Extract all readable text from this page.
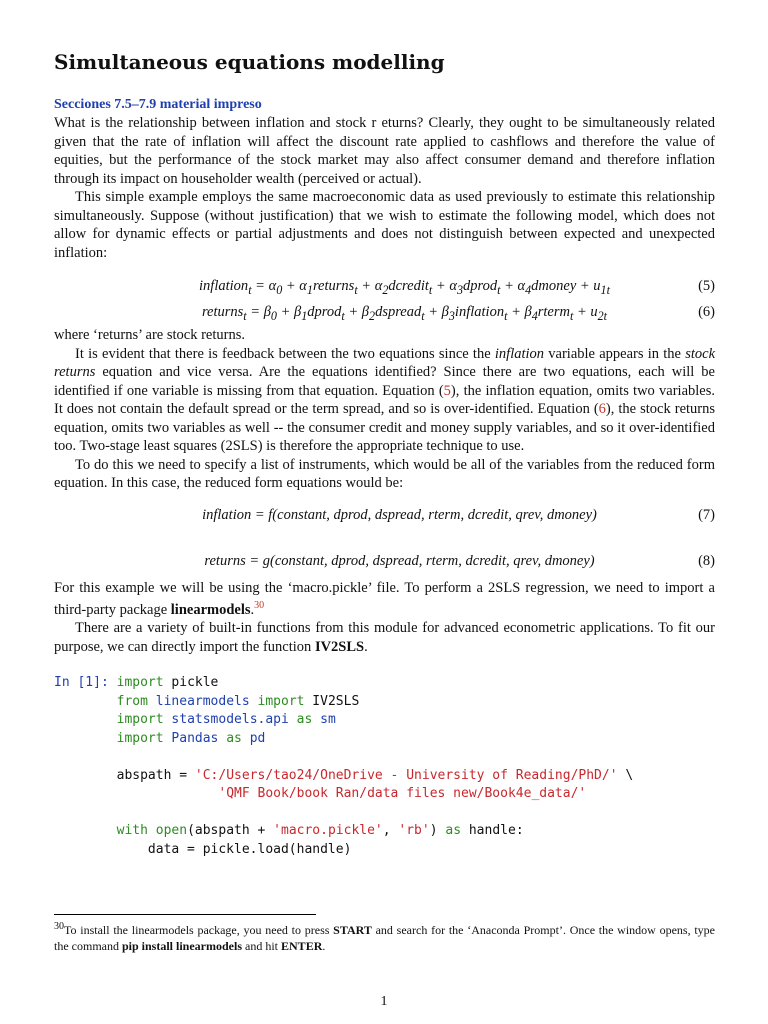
Simultaneous equations modelling
Secciones 7.5–7.9 material impreso

What is the relationship between inflation and stock r eturns? Clearly, they ought to be simultaneously related given that the rate of inflation will affect the discount rate applied to cashflows and therefore the value of equities, but the performance of the stock market may also affect consumer demand and therefore inflation through its impact on householder wealth (perceived or actual).

This simple example employs the same macroeconomic data as used previously to estimate this relationship simultaneously. Suppose (without justification) that we wish to estimate the following model, which does not allow for dynamic effects or partial adjustments and does not distinguish between expected and unexpected inflation:

inflation$_t$ = $\alpha_0$ + $\alpha_1returns_t$ + $\alpha_2dcredit_t$ + $\alpha_3dprod_t$ + $\alpha_4dmoney + u_{1t}$	(5)
returns$_t$ = $\beta_0$ + $\beta_1dprod_t$ + $\beta_2dspread_t$ + $\beta_3inflation_t$ + $\beta_4rterm_t + u_{2t}$	(6)

where ‘returns’ are stock returns.

It is evident that there is feedback between the two equations since the inflation variable appears in the stock returns equation and vice versa. Are the equations identified? Since there are two equations, each will be identified if one variable is missing from that equation. Equation (5), the inflation equation, omits two variables. It does not contain the default spread or the term spread, and so is over-identified. Equation (6), the stock returns equation, omits two variables as well -- the consumer credit and money supply variables, and so it over-identified too. Two-stage least squares (2SLS) is therefore the appropriate technique to use.

To do this we need to specify a list of instruments, which would be all of the variables from the reduced form equation. In this case, the reduced form equations would be:

inflation = f(constant, dprod, dspread, rterm, dcredit, qrev, dmoney)	(7)
returns = g(constant, dprod, dspread, rterm, dcredit, qrev, dmoney)	(8)

For this example we will be using the ‘macro.pickle’ file. To perform a 2SLS regression, we need to import a third-party package linearmodels.$^{30}$

There are a variety of built-in functions from this module for advanced econometric applications. To fit our purpose, we can directly import the function IV2SLS.

In [1]: import pickle
from linearmodels import IV2SLS
import statsmodels.api as sm
import Pandas as pd

abspath = 'C:/Users/tao24/OneDrive - University of Reading/PhD/' \
'QMF Book/book Ran/data files new/Book4e_data/'

with open(abspath + 'macro.pickle', 'rb') as handle:
data = pickle.load(handle)
$^{30}$To install the linearmodels package, you need to press START and search for the ‘Anaconda Prompt’. Once the window opens, type the command pip install linearmodels and hit ENTER.
1
